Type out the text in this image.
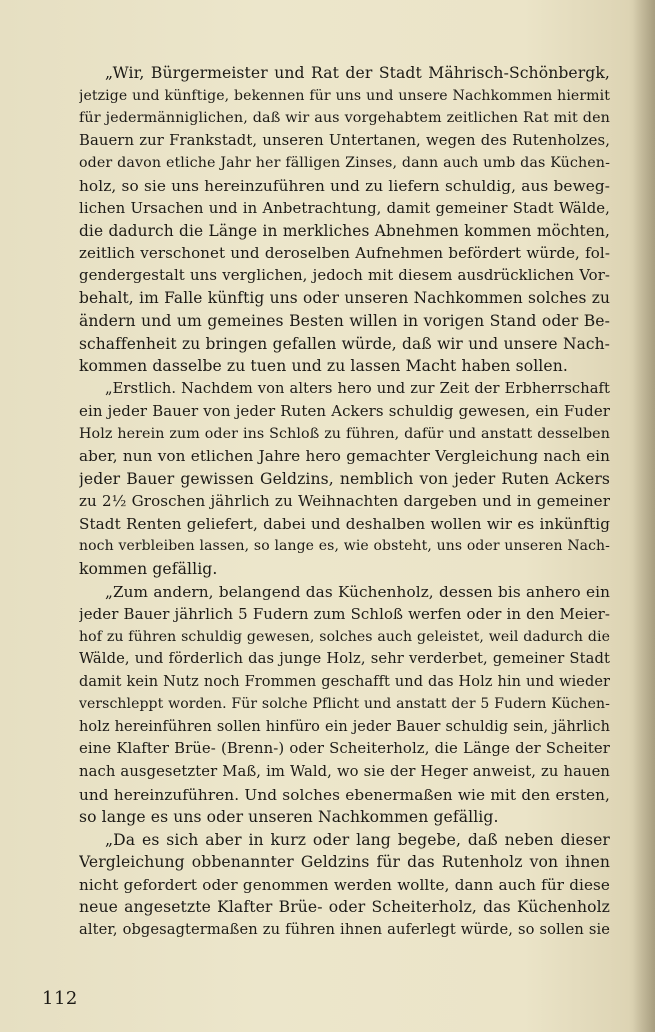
„Wir, Bürgermeister und Rat der Stadt Mährisch-Schönbergk,
jetzige und künftige, bekennen für uns und unsere Nachkommen hiermit
für jedermänniglichen, daß wir aus vorgehabtem zeitlichen Rat mit den
Bauern zur Frankstadt, unseren Untertanen, wegen des Rutenholzes,
oder davon etliche Jahr her fälligen Zinses, dann auch umb das Küchen-
holz, so sie uns hereinzuführen und zu liefern schuldig, aus beweg-
lichen Ursachen und in Anbetrachtung, damit gemeiner Stadt Wälde,
die dadurch die Länge in merkliches Abnehmen kommen möchten,
zeitlich verschonet und deroselben Aufnehmen befördert würde, fol-
gendergestalt uns verglichen, jedoch mit diesem ausdrücklichen Vor-
behalt, im Falle künftig uns oder unseren Nachkommen solches zu
ändern und um gemeines Besten willen in vorigen Stand oder Be-
schaffenheit zu bringen gefallen würde, daß wir und unsere Nach-
kommen dasselbe zu tuen und zu lassen Macht haben sollen.

„Erstlich. Nachdem von alters hero und zur Zeit der Erbherrschaft
ein jeder Bauer von jeder Ruten Ackers schuldig gewesen, ein Fuder
Holz herein zum oder ins Schloß zu führen, dafür und anstatt desselben
aber, nun von etlichen Jahre hero gemachter Vergleichung nach ein
jeder Bauer gewissen Geldzins, nemblich von jeder Ruten Ackers
zu 2½ Groschen jährlich zu Weihnachten dargeben und in gemeiner
Stadt Renten geliefert, dabei und deshalben wollen wir es inkünftig
noch verbleiben lassen, so lange es, wie obsteht, uns oder unseren Nach-
kommen gefällig.

„Zum andern, belangend das Küchenholz, dessen bis anhero ein
jeder Bauer jährlich 5 Fudern zum Schloß werfen oder in den Meier-
hof zu führen schuldig gewesen, solches auch geleistet, weil dadurch die
Wälde, und förderlich das junge Holz, sehr verderbet, gemeiner Stadt
damit kein Nutz noch Frommen geschafft und das Holz hin und wieder
verschleppt worden. Für solche Pflicht und anstatt der 5 Fudern Küchen-
holz hereinführen sollen hinfüro ein jeder Bauer schuldig sein, jährlich
eine Klafter Brüe- (Brenn-) oder Scheiterholz, die Länge der Scheiter
nach ausgesetzter Maß, im Wald, wo sie der Heger anweist, zu hauen
und hereinzuführen. Und solches ebenermaßen wie mit den ersten,
so lange es uns oder unseren Nachkommen gefällig.

„Da es sich aber in kurz oder lang begebe, daß neben dieser
Vergleichung obbenannter Geldzins für das Rutenholz von ihnen
nicht gefordert oder genommen werden wollte, dann auch für diese
neue angesetzte Klafter Brüe- oder Scheiterholz, das Küchenholz
alter, obgesagtermaßen zu führen ihnen auferlegt würde, so sollen sie

112
